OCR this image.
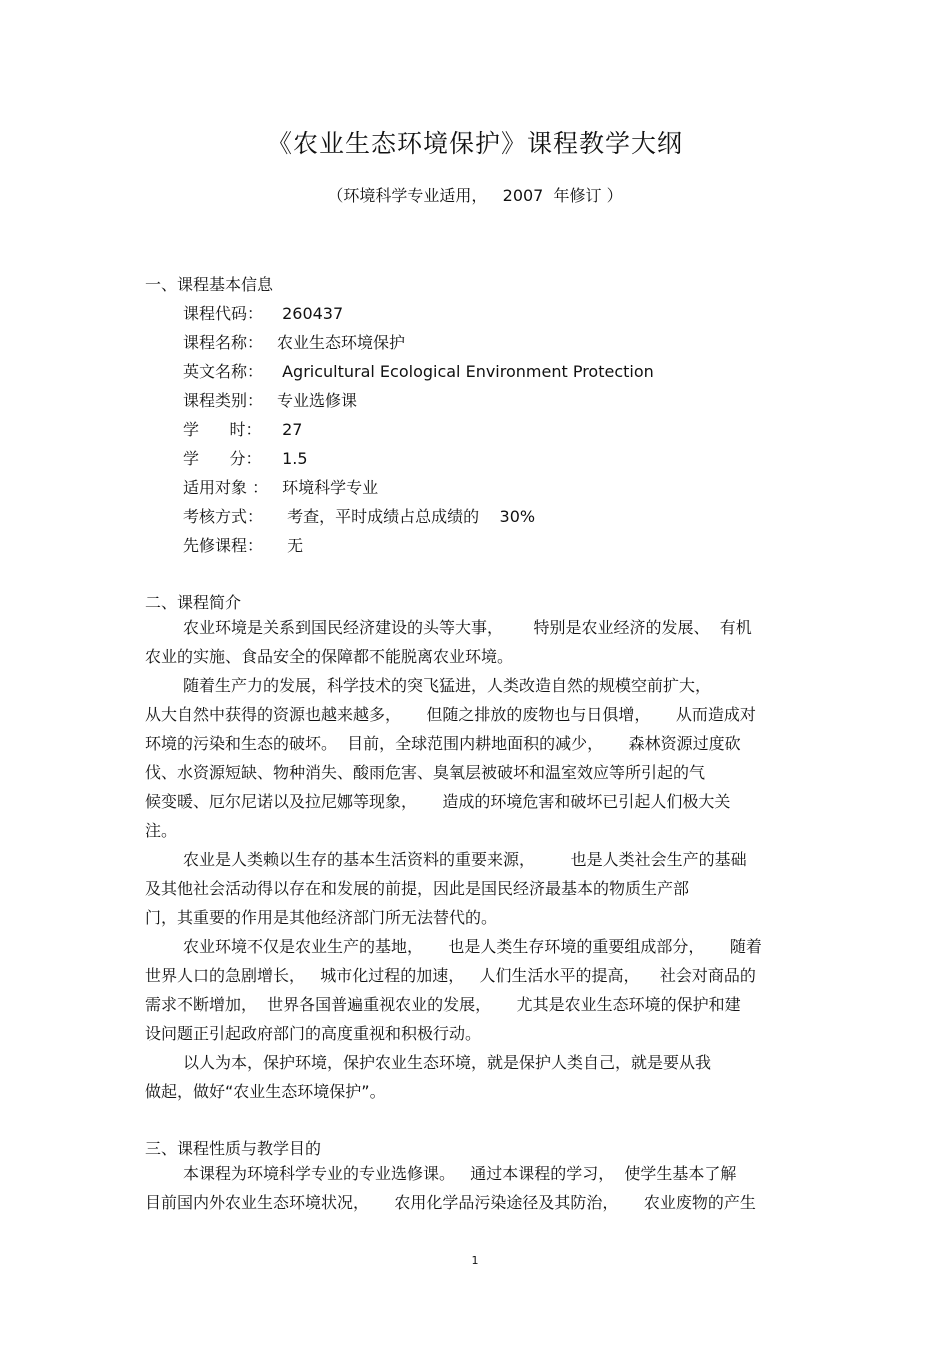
《农业生态环境保护》课程教学大纲
（环境科学专业适用，   2007  年修订 ）
一、课程基本信息
课程代码： 260437
课程名称： 农业生态环境保护
英文名称： Agricultural Ecological Environment Protection
课程类别： 专业选修课
学      时： 27
学      分： 1.5
适用对象 ： 环境科学专业
考核方式：  考查，平时成绩占总成绩的    30%
先修课程：  无
二、课程简介
农业环境是关系到国民经济建设的头等大事，      特别是农业经济的发展、  有机
农业的实施、食品安全的保障都不能脱离农业环境。
随着生产力的发展，科学技术的突飞猛进，人类改造自然的规模空前扩大，
从大自然中获得的资源也越来越多，     但随之排放的废物也与日俱增，     从而造成对
环境的污染和生态的破坏。  目前，全球范围内耕地面积的减少，     森林资源过度砍
伐、水资源短缺、物种消失、酸雨危害、臭氧层被破坏和温室效应等所引起的气
候变暖、厄尔尼诺以及拉尼娜等现象，     造成的环境危害和破坏已引起人们极大关
注。
农业是人类赖以生存的基本生活资料的重要来源，       也是人类社会生产的基础
及其他社会活动得以存在和发展的前提，因此是国民经济最基本的物质生产部
门，其重要的作用是其他经济部门所无法替代的。
农业环境不仅是农业生产的基地，     也是人类生存环境的重要组成部分，     随着
世界人口的急剧增长，   城市化过程的加速，   人们生活水平的提高，    社会对商品的
需求不断增加，  世界各国普遍重视农业的发展，     尤其是农业生态环境的保护和建
设问题正引起政府部门的高度重视和积极行动。
以人为本，保护环境，保护农业生态环境，就是保护人类自己，就是要从我
做起，做好“农业生态环境保护”。
三、课程性质与教学目的
本课程为环境科学专业的专业选修课。   通过本课程的学习，  使学生基本了解
目前国内外农业生态环境状况，     农用化学品污染途径及其防治，     农业废物的产生
1
